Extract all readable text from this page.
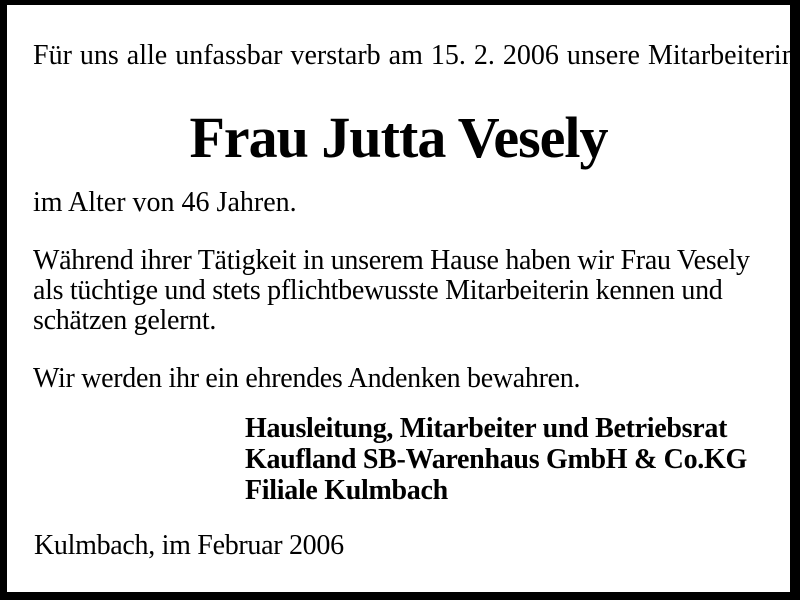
Für uns alle unfassbar verstarb am 15. 2. 2006 unsere Mitarbeiterin
Frau Jutta Vesely
im Alter von 46 Jahren.
Während ihrer Tätigkeit in unserem Hause haben wir Frau Vesely
als tüchtige und stets pflichtbewusste Mitarbeiterin kennen und
schätzen gelernt.
Wir werden ihr ein ehrendes Andenken bewahren.
Hausleitung, Mitarbeiter und Betriebsrat
Kaufland SB-Warenhaus GmbH & Co.KG
Filiale Kulmbach
Kulmbach, im Februar 2006
